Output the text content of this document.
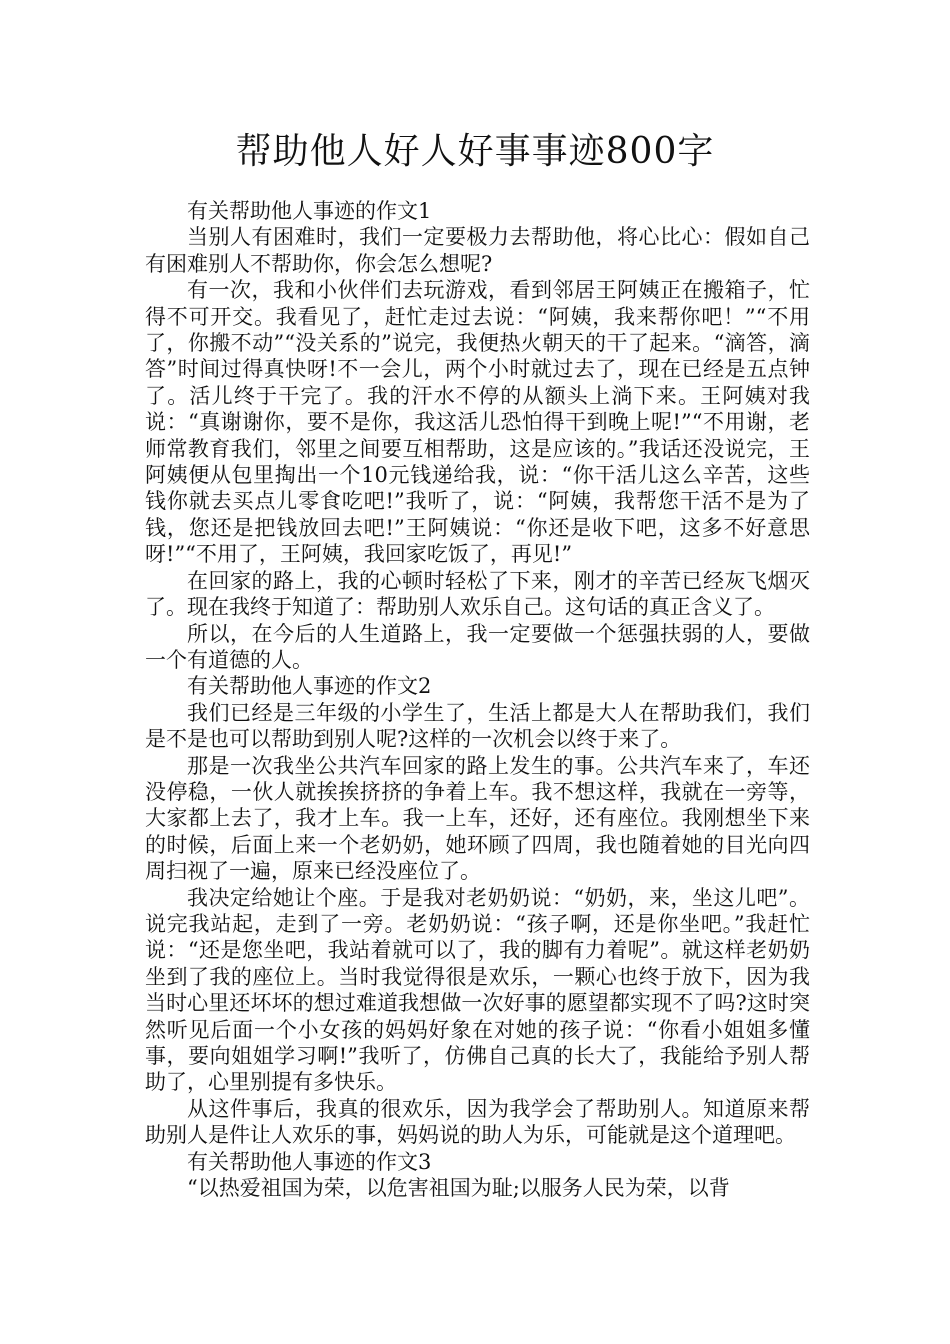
帮助他人好人好事事迹800字

有关帮助他人事迹的作文1

当别人有困难时，我们一定要极力去帮助他，将心比心：假如自己有困难别人不帮助你，你会怎么想呢?

有一次，我和小伙伴们去玩游戏，看到邻居王阿姨正在搬箱子，忙得不可开交。我看见了，赶忙走过去说：“阿姨，我来帮你吧！”“不用了，你搬不动”“没关系的”说完，我便热火朝天的干了起来。“滴答，滴答”时间过得真快呀!不一会儿，两个小时就过去了，现在已经是五点钟了。活儿终于干完了。我的汗水不停的从额头上淌下来。王阿姨对我说：“真谢谢你，要不是你，我这活儿恐怕得干到晚上呢!”“不用谢，老师常教育我们，邻里之间要互相帮助，这是应该的。”我话还没说完，王阿姨便从包里掏出一个10元钱递给我，说：“你干活儿这么辛苦，这些钱你就去买点儿零食吃吧!”我听了，说：“阿姨，我帮您干活不是为了钱，您还是把钱放回去吧!”王阿姨说：“你还是收下吧，这多不好意思呀!”“不用了，王阿姨，我回家吃饭了，再见!”

在回家的路上，我的心顿时轻松了下来，刚才的辛苦已经灰飞烟灭了。现在我终于知道了：帮助别人欢乐自己。这句话的真正含义了。

所以，在今后的人生道路上，我一定要做一个惩强扶弱的人，要做一个有道德的人。

有关帮助他人事迹的作文2

我们已经是三年级的小学生了，生活上都是大人在帮助我们，我们是不是也可以帮助到别人呢?这样的一次机会以终于来了。

那是一次我坐公共汽车回家的路上发生的事。公共汽车来了，车还没停稳，一伙人就挨挨挤挤的争着上车。我不想这样，我就在一旁等，大家都上去了，我才上车。我一上车，还好，还有座位。我刚想坐下来的时候，后面上来一个老奶奶，她环顾了四周，我也随着她的目光向四周扫视了一遍，原来已经没座位了。

我决定给她让个座。于是我对老奶奶说：“奶奶，来，坐这儿吧”。说完我站起，走到了一旁。老奶奶说：“孩子啊，还是你坐吧。”我赶忙说：“还是您坐吧，我站着就可以了，我的脚有力着呢”。就这样老奶奶坐到了我的座位上。当时我觉得很是欢乐，一颗心也终于放下，因为我当时心里还坏坏的想过难道我想做一次好事的愿望都实现不了吗?这时突然听见后面一个小女孩的妈妈好象在对她的孩子说：“你看小姐姐多懂事，要向姐姐学习啊!”我听了，仿佛自己真的长大了，我能给予别人帮助了，心里别提有多快乐。

从这件事后，我真的很欢乐，因为我学会了帮助别人。知道原来帮助别人是件让人欢乐的事，妈妈说的助人为乐，可能就是这个道理吧。

有关帮助他人事迹的作文3

“以热爱祖国为荣，以危害祖国为耻;以服务人民为荣，以背
